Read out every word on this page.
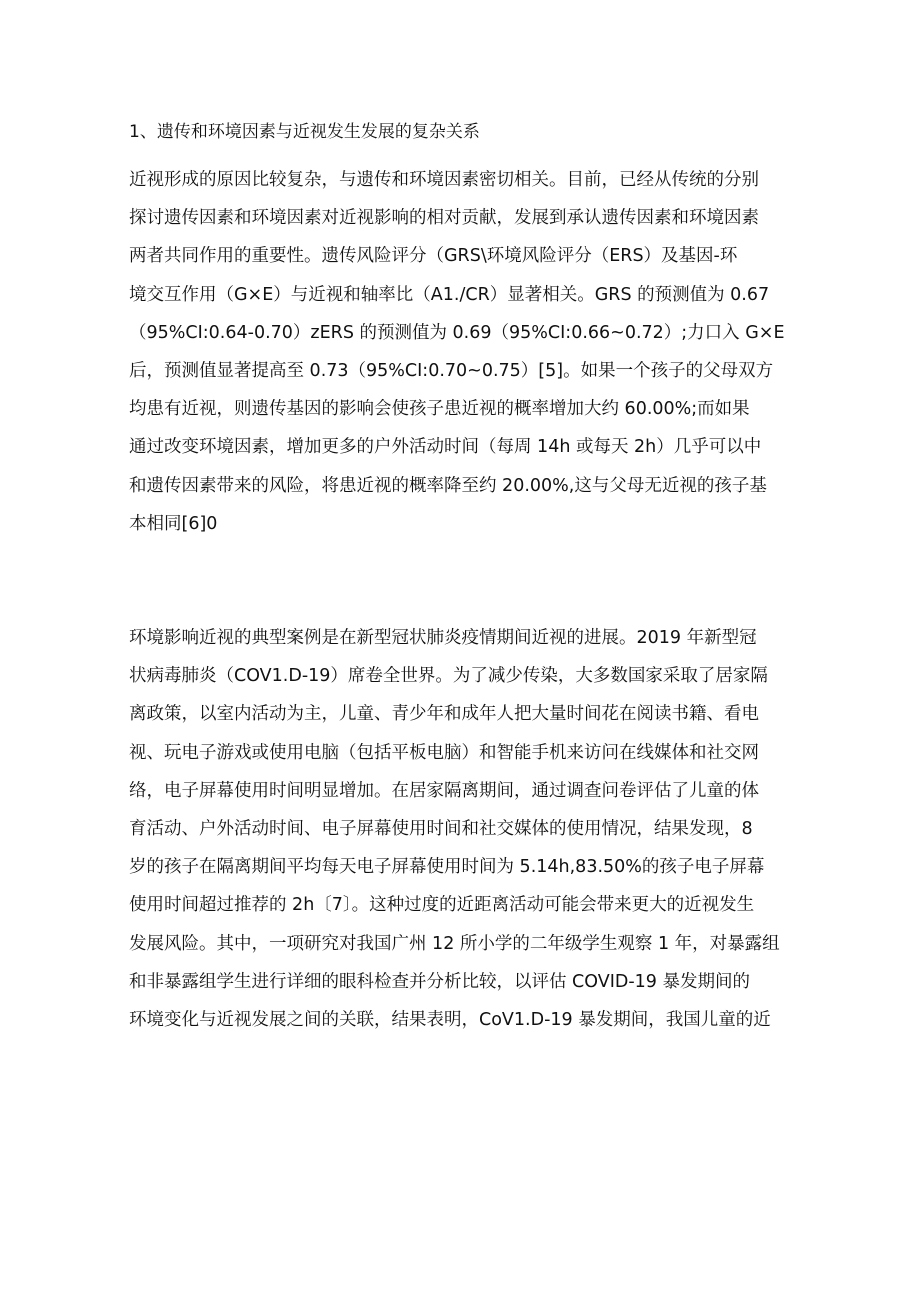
1、遗传和环境因素与近视发生发展的复杂关系

近视形成的原因比较复杂，与遗传和环境因素密切相关。目前，已经从传统的分别
探讨遗传因素和环境因素对近视影响的相对贡献，发展到承认遗传因素和环境因素
两者共同作用的重要性。遗传风险评分（GRS\环境风险评分（ERS）及基因-环
境交互作用（G×E）与近视和轴率比（A1./CR）显著相关。GRS 的预测值为 0.67
（95%CI:0.64-0.70）zERS 的预测值为 0.69（95%CI:0.66~0.72）;力口入 G×E
后，预测值显著提高至 0.73（95%CI:0.70~0.75）[5]。如果一个孩子的父母双方
均患有近视，则遗传基因的影响会使孩子患近视的概率增加大约 60.00%;而如果
通过改变环境因素，增加更多的户外活动时间（每周 14h 或每天 2h）几乎可以中
和遗传因素带来的风险，将患近视的概率降至约 20.00%,这与父母无近视的孩子基
本相同[6]0

环境影响近视的典型案例是在新型冠状肺炎疫情期间近视的进展。2019 年新型冠
状病毒肺炎（COV1.D-19）席卷全世界。为了减少传染，大多数国家采取了居家隔
离政策，以室内活动为主，儿童、青少年和成年人把大量时间花在阅读书籍、看电
视、玩电子游戏或使用电脑（包括平板电脑）和智能手机来访问在线媒体和社交网
络，电子屏幕使用时间明显增加。在居家隔离期间，通过调查问卷评估了儿童的体
育活动、户外活动时间、电子屏幕使用时间和社交媒体的使用情况，结果发现，8
岁的孩子在隔离期间平均每天电子屏幕使用时间为 5.14h,83.50%的孩子电子屏幕
使用时间超过推荐的 2h〔7〕。这种过度的近距离活动可能会带来更大的近视发生
发展风险。其中，一项研究对我国广州 12 所小学的二年级学生观察 1 年，对暴露组
和非暴露组学生进行详细的眼科检查并分析比较，以评估 COVID-19 暴发期间的
环境变化与近视发展之间的关联，结果表明，CoV1.D-19 暴发期间，我国儿童的近
